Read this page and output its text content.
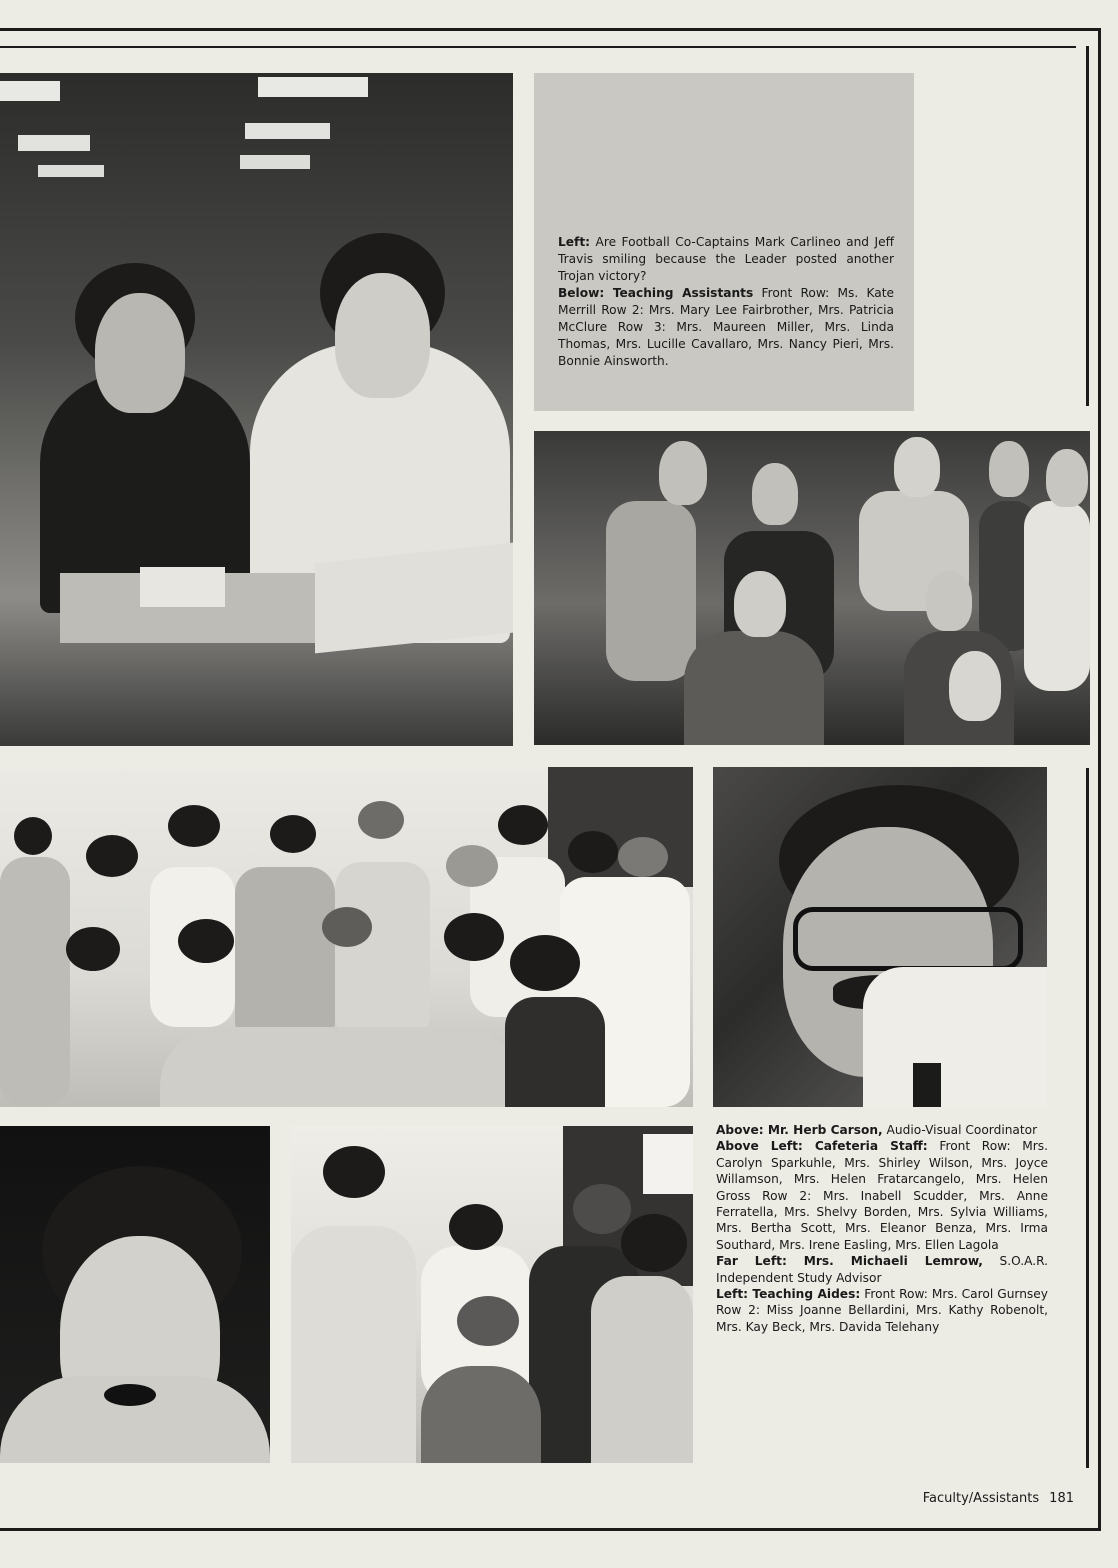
Left: Are Football Co-Captains Mark Carlineo and Jeff Travis smiling because the Leader posted another Trojan victory?

Below: Teaching Assistants Front Row: Ms. Kate Merrill Row 2: Mrs. Mary Lee Fairbrother, Mrs. Patricia McClure Row 3: Mrs. Maureen Miller, Mrs. Linda Thomas, Mrs. Lucille Cavallaro, Mrs. Nancy Pieri, Mrs. Bonnie Ainsworth.

Above: Mr. Herb Carson, Audio-Visual Coordinator

Above Left: Cafeteria Staff: Front Row: Mrs. Carolyn Sparkuhle, Mrs. Shirley Wilson, Mrs. Joyce Willamson, Mrs. Helen Fratarcangelo, Mrs. Helen Gross Row 2: Mrs. Inabell Scudder, Mrs. Anne Ferratella, Mrs. Shelvy Borden, Mrs. Sylvia Williams, Mrs. Bertha Scott, Mrs. Eleanor Benza, Mrs. Irma Southard, Mrs. Irene Easling, Mrs. Ellen Lagola

Far Left: Mrs. Michaeli Lemrow, S.O.A.R. Independent Study Advisor

Left: Teaching Aides: Front Row: Mrs. Carol Gurnsey Row 2: Miss Joanne Bellardini, Mrs. Kathy Robenolt, Mrs. Kay Beck, Mrs. Davida Telehany

Faculty/Assistants 181
